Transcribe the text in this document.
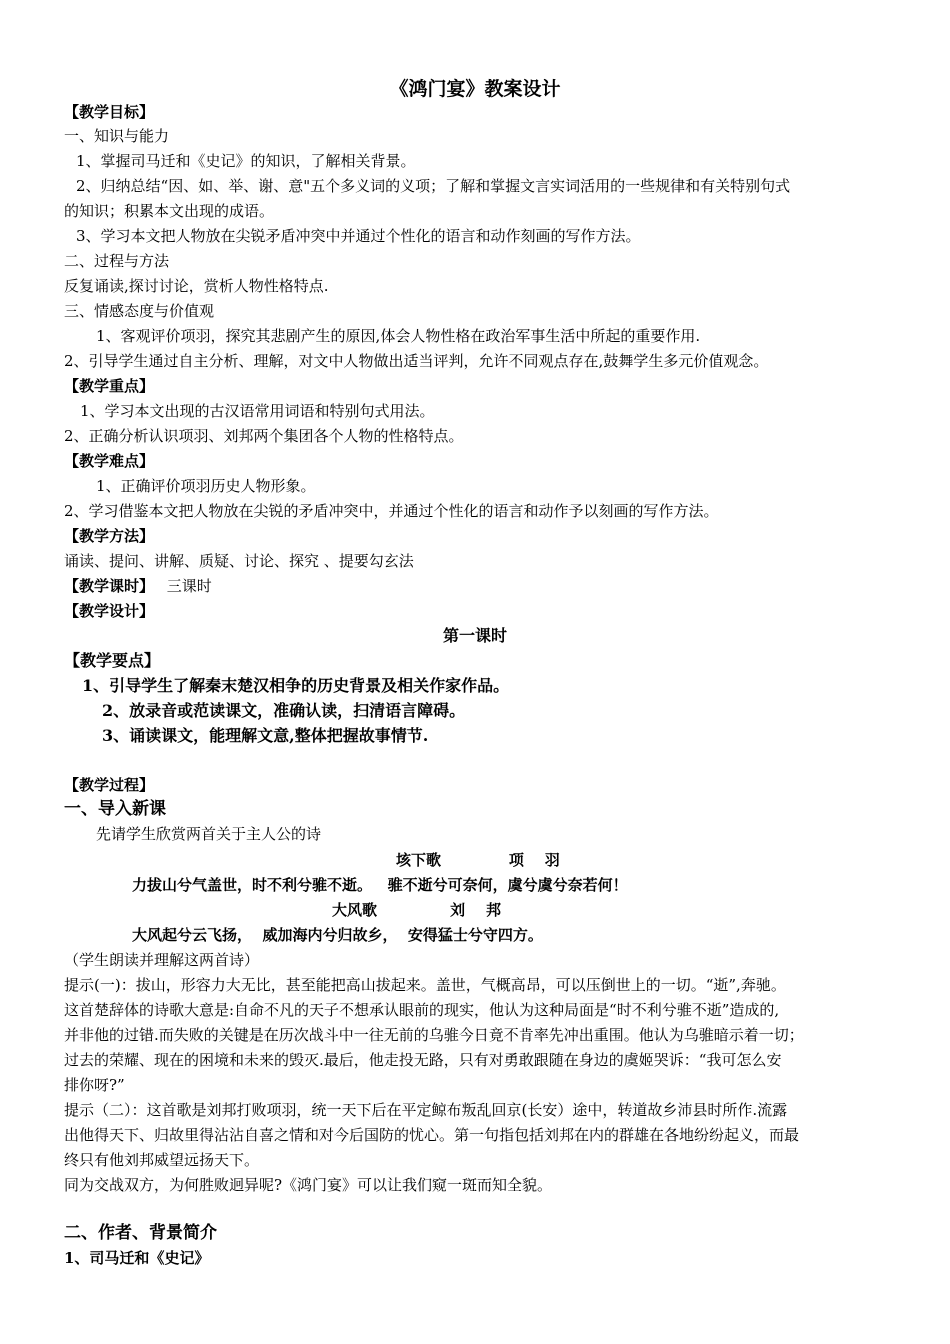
《鸿门宴》教案设计
【教学目标】
一、知识与能力
1、掌握司马迁和《史记》的知识，了解相关背景。
2、归纳总结“因、如、举、谢、意"五个多义词的义项；了解和掌握文言实词活用的一些规律和有关特别句式
的知识；积累本文出现的成语。
3、学习本文把人物放在尖锐矛盾冲突中并通过个性化的语言和动作刻画的写作方法。
二、过程与方法
反复诵读,探讨讨论，赏析人物性格特点.
三、情感态度与价值观
1、客观评价项羽，探究其悲剧产生的原因,体会人物性格在政治军事生活中所起的重要作用.
2、引导学生通过自主分析、理解，对文中人物做出适当评判，允许不同观点存在,鼓舞学生多元价值观念。
【教学重点】
1、学习本文出现的古汉语常用词语和特别句式用法。
2、正确分析认识项羽、刘邦两个集团各个人物的性格特点。
【教学难点】
1、正确评价项羽历史人物形象。
2、学习借鉴本文把人物放在尖锐的矛盾冲突中，并通过个性化的语言和动作予以刻画的写作方法。
【教学方法】
诵读、提问、讲解、质疑、讨论、探究 、提要勾玄法
【教学课时】 三课时
【教学设计】
第一课时
【教学要点】
1、引导学生了解秦末楚汉相争的历史背景及相关作家作品。
2、放录音或范读课文，准确认读，扫清语言障碍。
3、诵读课文，能理解文意,整体把握故事情节.
【教学过程】
一、导入新课
先请学生欣赏两首关于主人公的诗
垓下歌             项    羽
力拔山兮气盖世，时不利兮骓不逝。   骓不逝兮可奈何，虞兮虞兮奈若何！
大风歌              刘    邦
大风起兮云飞扬，  威加海内兮归故乡，  安得猛士兮守四方。
（学生朗读并理解这两首诗）
提示(一)：拔山，形容力大无比，甚至能把高山拔起来。盖世，气概高昂，可以压倒世上的一切。“逝”,奔驰。
这首楚辞体的诗歌大意是:自命不凡的天子不想承认眼前的现实，他认为这种局面是“时不利兮骓不逝”造成的,
并非他的过错.而失败的关键是在历次战斗中一往无前的乌骓今日竟不肯率先冲出重围。他认为乌骓暗示着一切；
过去的荣耀、现在的困境和未来的毁灭.最后，他走投无路，只有对勇敢跟随在身边的虞姬哭诉：“我可怎么安
排你呀?”
提示（二）：这首歌是刘邦打败项羽，统一天下后在平定鲸布叛乱回京(长安）途中，转道故乡沛县时所作.流露
出他得天下、归故里得沾沾自喜之情和对今后国防的忧心。第一句指包括刘邦在内的群雄在各地纷纷起义，而最
终只有他刘邦威望远扬天下。
同为交战双方，为何胜败迥异呢?《鸿门宴》可以让我们窥一斑而知全貌。
二、作者、背景简介
1、司马迁和《史记》
